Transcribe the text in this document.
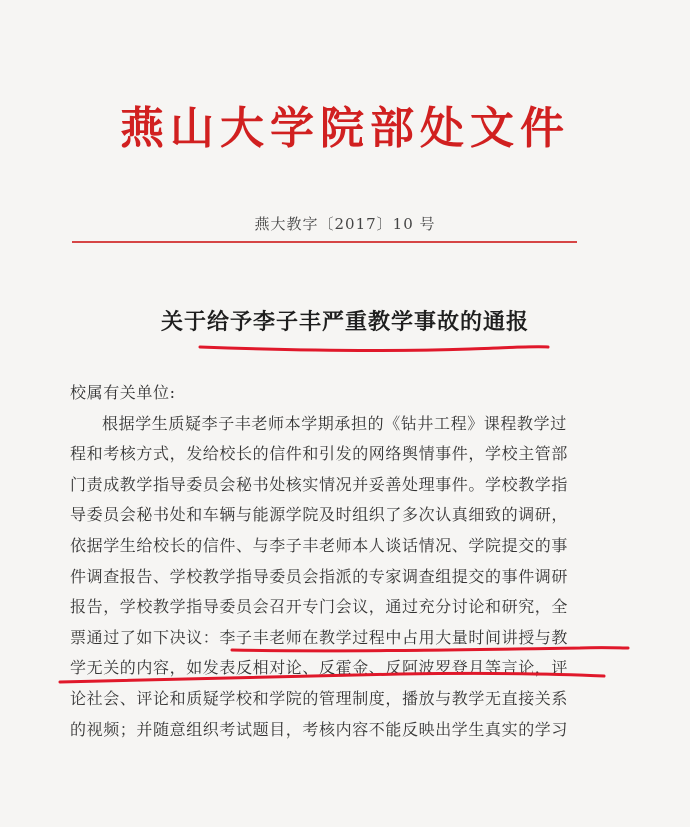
燕山大学院部处文件
燕大教字〔2017〕10 号
关于给予李子丰严重教学事故的通报
校属有关单位:
根据学生质疑李子丰老师本学期承担的《钻井工程》课程教学过
程和考核方式，发给校长的信件和引发的网络舆情事件，学校主管部
门责成教学指导委员会秘书处核实情况并妥善处理事件。学校教学指
导委员会秘书处和车辆与能源学院及时组织了多次认真细致的调研，
依据学生给校长的信件、与李子丰老师本人谈话情况、学院提交的事
件调查报告、学校教学指导委员会指派的专家调查组提交的事件调研
报告，学校教学指导委员会召开专门会议，通过充分讨论和研究，全
票通过了如下决议：李子丰老师在教学过程中占用大量时间讲授与教
学无关的内容，如发表反相对论、反霍金、反阿波罗登月等言论，评
论社会、评论和质疑学校和学院的管理制度，播放与教学无直接关系
的视频；并随意组织考试题目，考核内容不能反映出学生真实的学习
